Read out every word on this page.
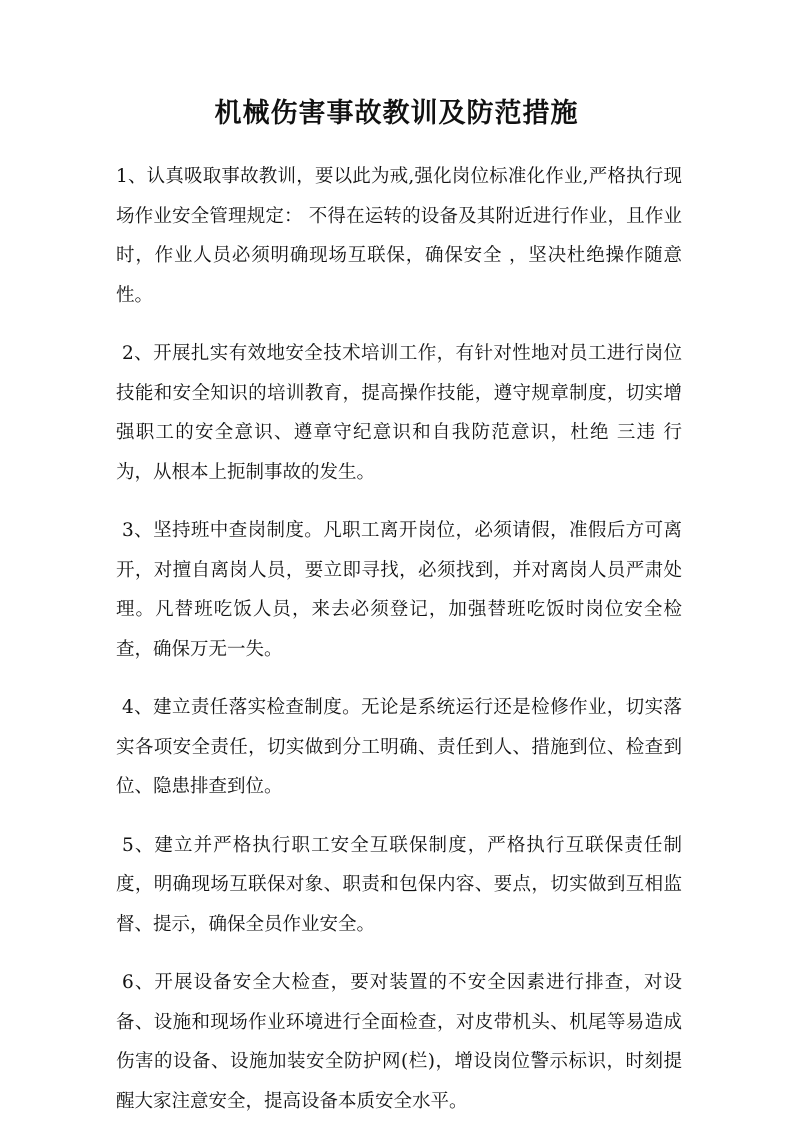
机械伤害事故教训及防范措施

1、认真吸取事故教训，要以此为戒,强化岗位标准化作业,严格执行现场作业安全管理规定： 不得在运转的设备及其附近进行作业，且作业时，作业人员必须明确现场互联保，确保安全 ，坚决杜绝操作随意性。

2、开展扎实有效地安全技术培训工作，有针对性地对员工进行岗位技能和安全知识的培训教育，提高操作技能，遵守规章制度，切实增强职工的安全意识、遵章守纪意识和自我防范意识，杜绝 三违 行为，从根本上扼制事故的发生。

3、坚持班中查岗制度。凡职工离开岗位，必须请假，准假后方可离开，对擅自离岗人员，要立即寻找，必须找到，并对离岗人员严肃处理。凡替班吃饭人员，来去必须登记，加强替班吃饭时岗位安全检查，确保万无一失。

4、建立责任落实检查制度。无论是系统运行还是检修作业，切实落实各项安全责任，切实做到分工明确、责任到人、措施到位、检查到位、隐患排查到位。

5、建立并严格执行职工安全互联保制度，严格执行互联保责任制度，明确现场互联保对象、职责和包保内容、要点，切实做到互相监督、提示，确保全员作业安全。

6、开展设备安全大检查，要对装置的不安全因素进行排查，对设备、设施和现场作业环境进行全面检查，对皮带机头、机尾等易造成伤害的设备、设施加装安全防护网(栏)，增设岗位警示标识，时刻提醒大家注意安全，提高设备本质安全水平。
